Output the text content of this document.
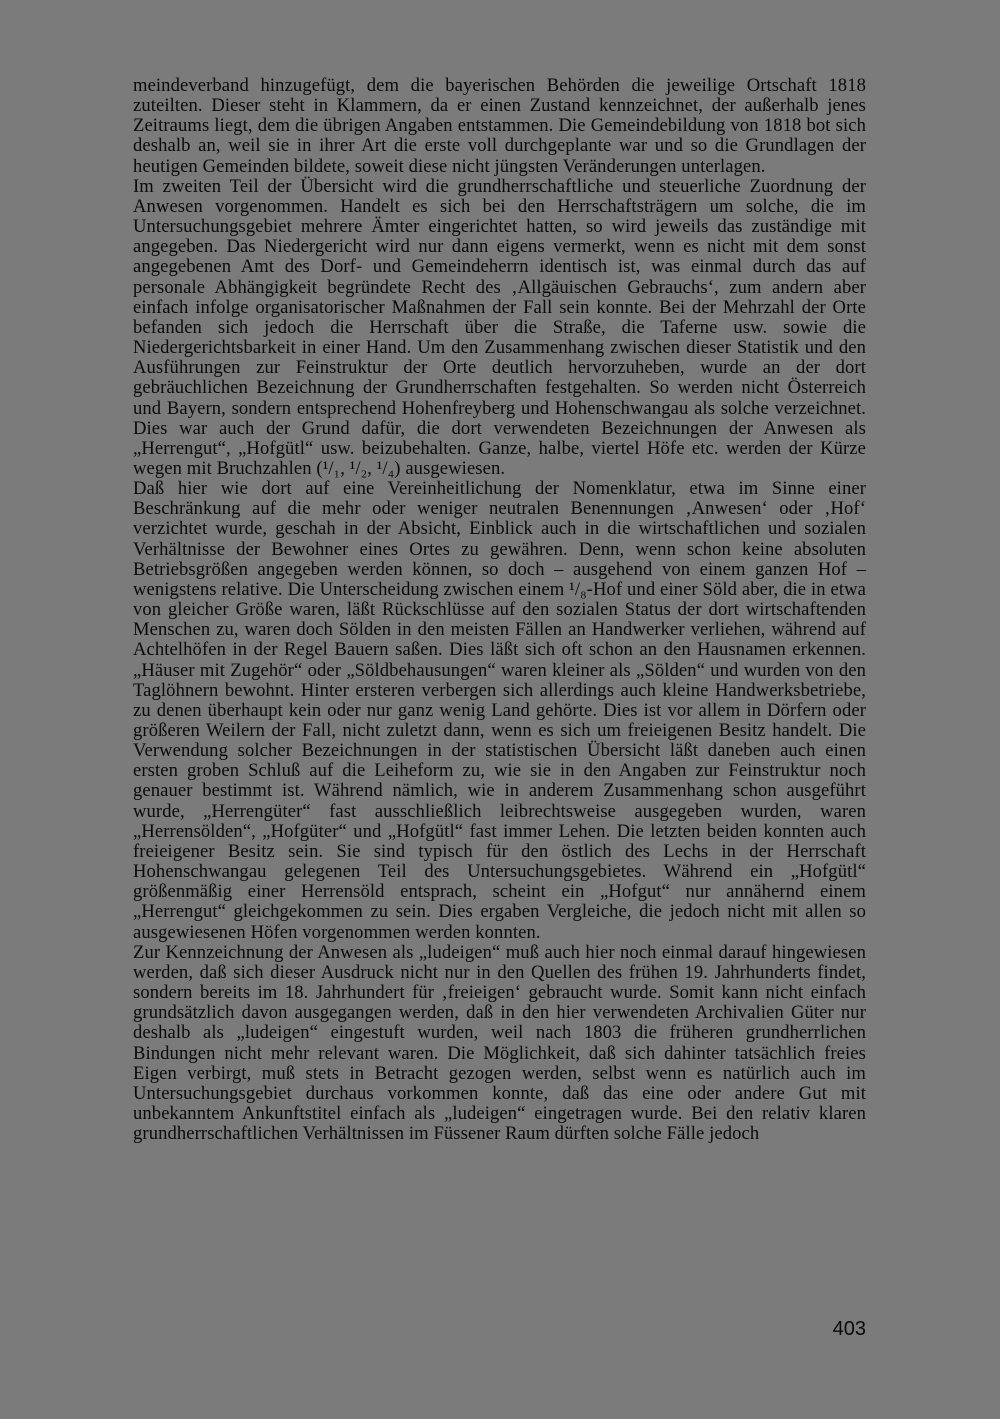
meindeverband hinzugefügt, dem die bayerischen Behörden die jeweilige Ortschaft 1818 zuteilten. Dieser steht in Klammern, da er einen Zustand kennzeichnet, der außerhalb jenes Zeitraums liegt, dem die übrigen Angaben entstammen. Die Gemeindebildung von 1818 bot sich deshalb an, weil sie in ihrer Art die erste voll durchgeplante war und so die Grundlagen der heutigen Gemeinden bildete, soweit diese nicht jüngsten Veränderungen unterlagen.

Im zweiten Teil der Übersicht wird die grundherrschaftliche und steuerliche Zuordnung der Anwesen vorgenommen. Handelt es sich bei den Herrschaftsträgern um solche, die im Untersuchungsgebiet mehrere Ämter eingerichtet hatten, so wird jeweils das zuständige mit angegeben. Das Niedergericht wird nur dann eigens vermerkt, wenn es nicht mit dem sonst angegebenen Amt des Dorf- und Gemeindeherrn identisch ist, was einmal durch das auf personale Abhängigkeit begründete Recht des ‚Allgäuischen Gebrauchs‘, zum andern aber einfach infolge organisatorischer Maßnahmen der Fall sein konnte. Bei der Mehrzahl der Orte befanden sich jedoch die Herrschaft über die Straße, die Taferne usw. sowie die Niedergerichtsbarkeit in einer Hand. Um den Zusammenhang zwischen dieser Statistik und den Ausführungen zur Feinstruktur der Orte deutlich hervorzuheben, wurde an der dort gebräuchlichen Bezeichnung der Grundherrschaften festgehalten. So werden nicht Österreich und Bayern, sondern entsprechend Hohenfreyberg und Hohenschwangau als solche verzeichnet. Dies war auch der Grund dafür, die dort verwendeten Bezeichnungen der Anwesen als „Herrengut“, „Hofgütl“ usw. beizubehalten. Ganze, halbe, viertel Höfe etc. werden der Kürze wegen mit Bruchzahlen (¹/₁, ¹/₂, ¹/₄) ausgewiesen.

Daß hier wie dort auf eine Vereinheitlichung der Nomenklatur, etwa im Sinne einer Beschränkung auf die mehr oder weniger neutralen Benennungen ‚Anwesen‘ oder ‚Hof‘ verzichtet wurde, geschah in der Absicht, Einblick auch in die wirtschaftlichen und sozialen Verhältnisse der Bewohner eines Ortes zu gewähren. Denn, wenn schon keine absoluten Betriebsgrößen angegeben werden können, so doch – ausgehend von einem ganzen Hof – wenigstens relative. Die Unterscheidung zwischen einem ¹/₈-Hof und einer Söld aber, die in etwa von gleicher Größe waren, läßt Rückschlüsse auf den sozialen Status der dort wirtschaftenden Menschen zu, waren doch Sölden in den meisten Fällen an Handwerker verliehen, während auf Achtelhöfen in der Regel Bauern saßen. Dies läßt sich oft schon an den Hausnamen erkennen. „Häuser mit Zugehör“ oder „Söldbehausungen“ waren kleiner als „Sölden“ und wurden von den Taglöhnern bewohnt. Hinter ersteren verbergen sich allerdings auch kleine Handwerksbetriebe, zu denen überhaupt kein oder nur ganz wenig Land gehörte. Dies ist vor allem in Dörfern oder größeren Weilern der Fall, nicht zuletzt dann, wenn es sich um freieigenen Besitz handelt. Die Verwendung solcher Bezeichnungen in der statistischen Übersicht läßt daneben auch einen ersten groben Schluß auf die Leiheform zu, wie sie in den Angaben zur Feinstruktur noch genauer bestimmt ist. Während nämlich, wie in anderem Zusammenhang schon ausgeführt wurde, „Herrengüter“ fast ausschließlich leibrechtsweise ausgegeben wurden, waren „Herrensölden“, „Hofgüter“ und „Hofgütl“ fast immer Lehen. Die letzten beiden konnten auch freieigener Besitz sein. Sie sind typisch für den östlich des Lechs in der Herrschaft Hohenschwangau gelegenen Teil des Untersuchungsgebietes. Während ein „Hofgütl“ größenmäßig einer Herrensöld entsprach, scheint ein „Hofgut“ nur annähernd einem „Herrengut“ gleichgekommen zu sein. Dies ergaben Vergleiche, die jedoch nicht mit allen so ausgewiesenen Höfen vorgenommen werden konnten.

Zur Kennzeichnung der Anwesen als „ludeigen“ muß auch hier noch einmal darauf hingewiesen werden, daß sich dieser Ausdruck nicht nur in den Quellen des frühen 19. Jahrhunderts findet, sondern bereits im 18. Jahrhundert für ‚freieigen‘ gebraucht wurde. Somit kann nicht einfach grundsätzlich davon ausgegangen werden, daß in den hier verwendeten Archivalien Güter nur deshalb als „ludeigen“ eingestuft wurden, weil nach 1803 die früheren grundherrlichen Bindungen nicht mehr relevant waren. Die Möglichkeit, daß sich dahinter tatsächlich freies Eigen verbirgt, muß stets in Betracht gezogen werden, selbst wenn es natürlich auch im Untersuchungsgebiet durchaus vorkommen konnte, daß das eine oder andere Gut mit unbekanntem Ankunftstitel einfach als „ludeigen“ eingetragen wurde. Bei den relativ klaren grundherrschaftlichen Verhältnissen im Füssener Raum dürften solche Fälle jedoch

403
